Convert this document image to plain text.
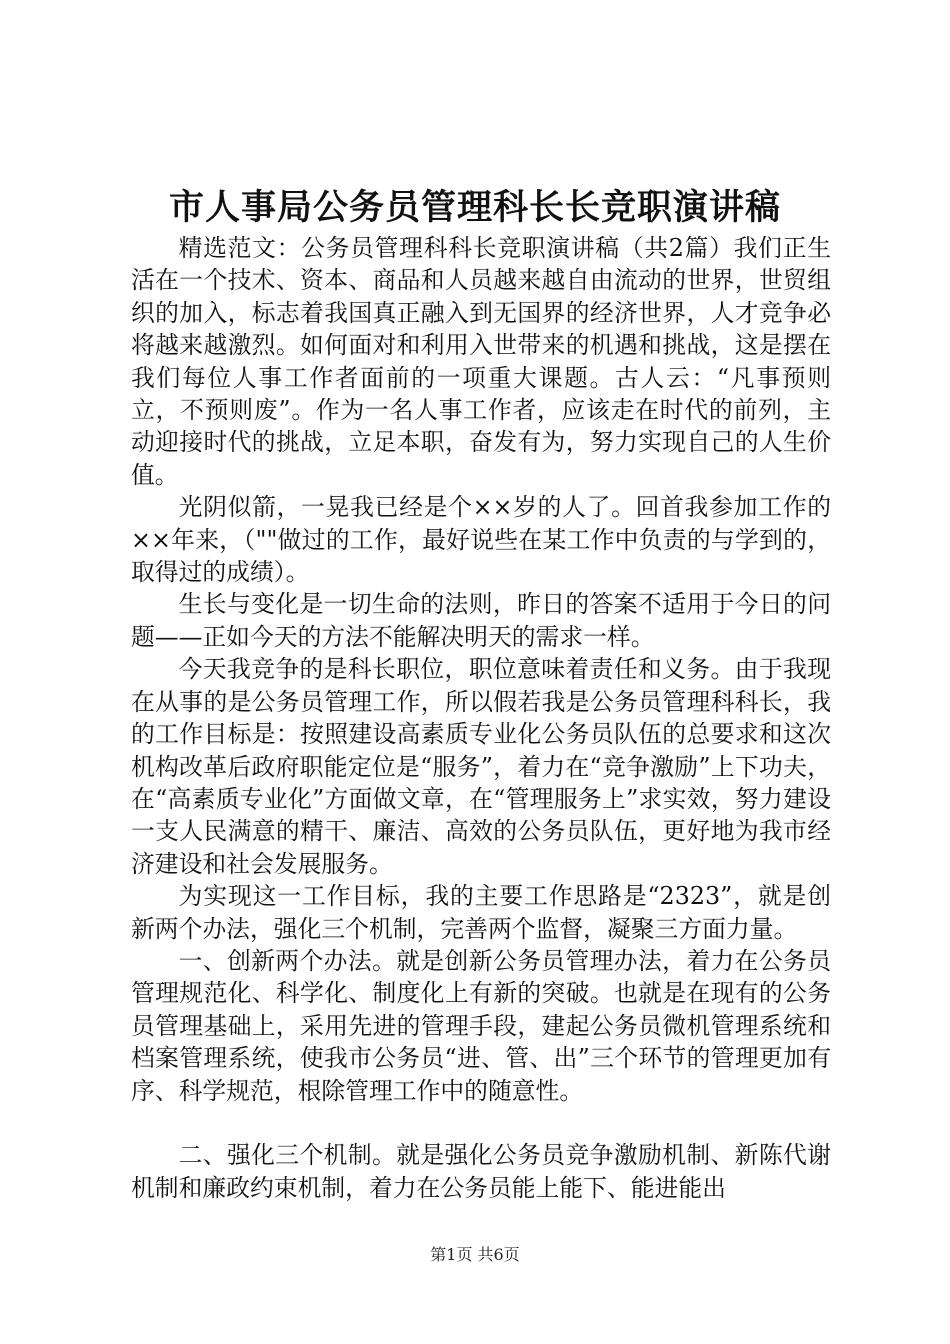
市人事局公务员管理科长长竞职演讲稿

精选范文：公务员管理科科长竞职演讲稿（共2篇）我们正生活在一个技术、资本、商品和人员越来越自由流动的世界，世贸组织的加入，标志着我国真正融入到无国界的经济世界，人才竞争必将越来越激烈。如何面对和利用入世带来的机遇和挑战，这是摆在我们每位人事工作者面前的一项重大课题。古人云：“凡事预则立，不预则废”。作为一名人事工作者，应该走在时代的前列，主动迎接时代的挑战，立足本职，奋发有为，努力实现自己的人生价值。

光阴似箭，一晃我已经是个××岁的人了。回首我参加工作的××年来，（""做过的工作，最好说些在某工作中负责的与学到的，取得过的成绩）。

生长与变化是一切生命的法则，昨日的答案不适用于今日的问题——正如今天的方法不能解决明天的需求一样。

今天我竞争的是科长职位，职位意味着责任和义务。由于我现在从事的是公务员管理工作，所以假若我是公务员管理科科长，我的工作目标是：按照建设高素质专业化公务员队伍的总要求和这次机构改革后政府职能定位是“服务”，着力在“竞争激励”上下功夫，在“高素质专业化”方面做文章，在“管理服务上”求实效，努力建设一支人民满意的精干、廉洁、高效的公务员队伍，更好地为我市经济建设和社会发展服务。

为实现这一工作目标，我的主要工作思路是“2323”，就是创新两个办法，强化三个机制，完善两个监督，凝聚三方面力量。

一、创新两个办法。就是创新公务员管理办法，着力在公务员管理规范化、科学化、制度化上有新的突破。也就是在现有的公务员管理基础上，采用先进的管理手段，建起公务员微机管理系统和档案管理系统，使我市公务员“进、管、出”三个环节的管理更加有序、科学规范，根除管理工作中的随意性。

二、强化三个机制。就是强化公务员竞争激励机制、新陈代谢机制和廉政约束机制，着力在公务员能上能下、能进能出

第1页 共6页
